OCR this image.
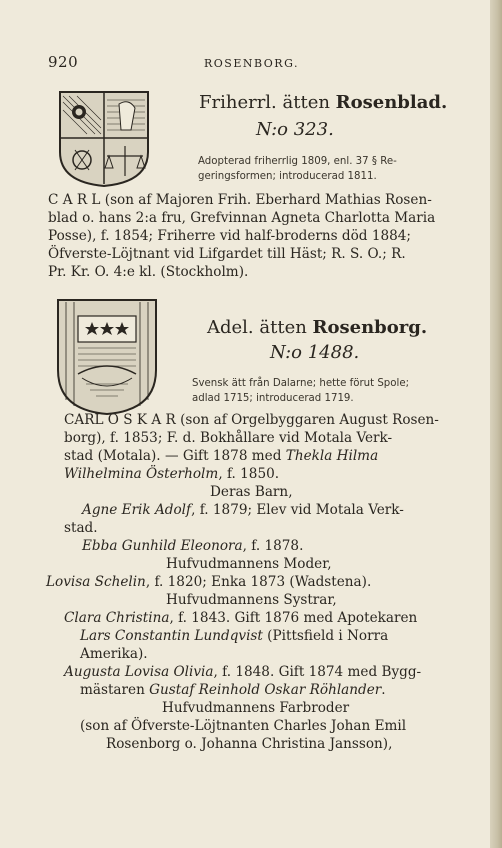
920	ROSENBORG.
Friherrl. ätten Rosenblad.
N:o 323.
Adopterad friherrlig 1809, enl. 37 § Re-
geringsformen; introducerad 1811.
C A R L (son af Majoren Frih. Eberhard Mathias Rosen-
blad o. hans 2:a fru, Grefvinnan Agneta Charlotta Maria
Posse), f. 1854; Friherre vid half-broderns död 1884;
Öfverste-Löjtnant vid Lifgardet till Häst; R. S. O.; R.
Pr. Kr. O. 4:e kl. (Stockholm).
Adel. ätten Rosenborg.
N:o 1488.
Svensk ätt från Dalarne; hette förut Spole;
adlad 1715; introducerad 1719.
CARL O S K A R (son af Orgelbyggaren August Rosen-
borg), f. 1853; F. d. Bokhållare vid Motala Verk-
stad (Motala). — Gift 1878 med Thekla Hilma
Wilhelmina Österholm, f. 1850.
Deras Barn,
Agne Erik Adolf, f. 1879; Elev vid Motala Verk-
stad.
Ebba Gunhild Eleonora, f. 1878.
Hufvudmannens Moder,
Lovisa Schelin, f. 1820; Enka 1873 (Wadstena).
Hufvudmannens Systrar,
Clara Christina, f. 1843. Gift 1876 med Apotekaren
Lars Constantin Lundqvist (Pittsfield i Norra
Amerika).
Augusta Lovisa Olivia, f. 1848. Gift 1874 med Bygg-
mästaren Gustaf Reinhold Oskar Röhlander.
Hufvudmannens Farbroder
(son af Öfverste-Löjtnanten Charles Johan Emil
Rosenborg o. Johanna Christina Jansson),
